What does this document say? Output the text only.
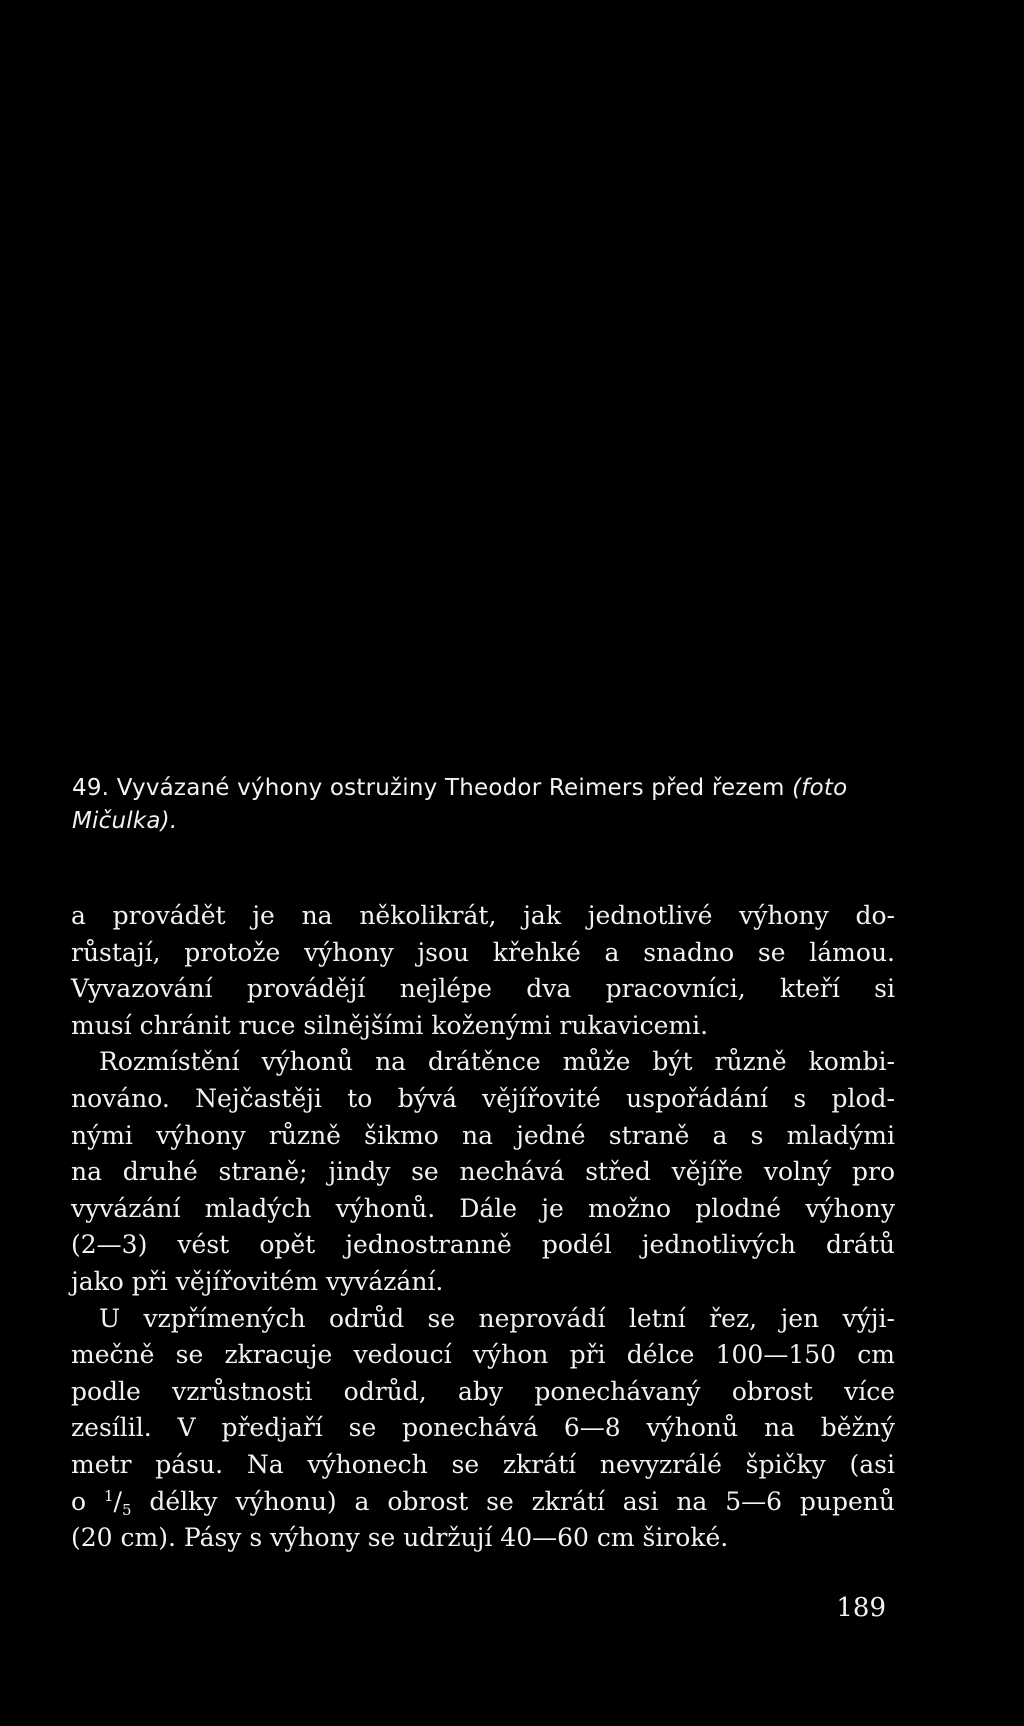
49. Vyvázané výhony ostružiny Theodor Reimers před řezem (foto Mičulka).

a provádět je na několikrát, jak jednotlivé výhony do-

růstají, protože výhony jsou křehké a snadno se lámou.

Vyvazování provádějí nejlépe dva pracovníci, kteří si

musí chránit ruce silnějšími koženými rukavicemi.

Rozmístění výhonů na drátěnce může být různě kombi-

nováno. Nejčastěji to bývá vějířovité uspořádání s plod-

nými výhony různě šikmo na jedné straně a s mladými

na druhé straně; jindy se nechává střed vějíře volný pro

vyvázání mladých výhonů. Dále je možno plodné výhony

(2—3) vést opět jednostranně podél jednotlivých drátů

jako při vějířovitém vyvázání.

U vzpřímených odrůd se neprovádí letní řez, jen výji-

mečně se zkracuje vedoucí výhon při délce 100—150 cm

podle vzrůstnosti odrůd, aby ponechávaný obrost více

zesílil. V předjaří se ponechává 6—8 výhonů na běžný

metr pásu. Na výhonech se zkrátí nevyzrálé špičky (asi

o $^1/_5$ délky výhonu) a obrost se zkrátí asi na 5—6 pupenů

(20 cm). Pásy s výhony se udržují 40—60 cm široké.

189
